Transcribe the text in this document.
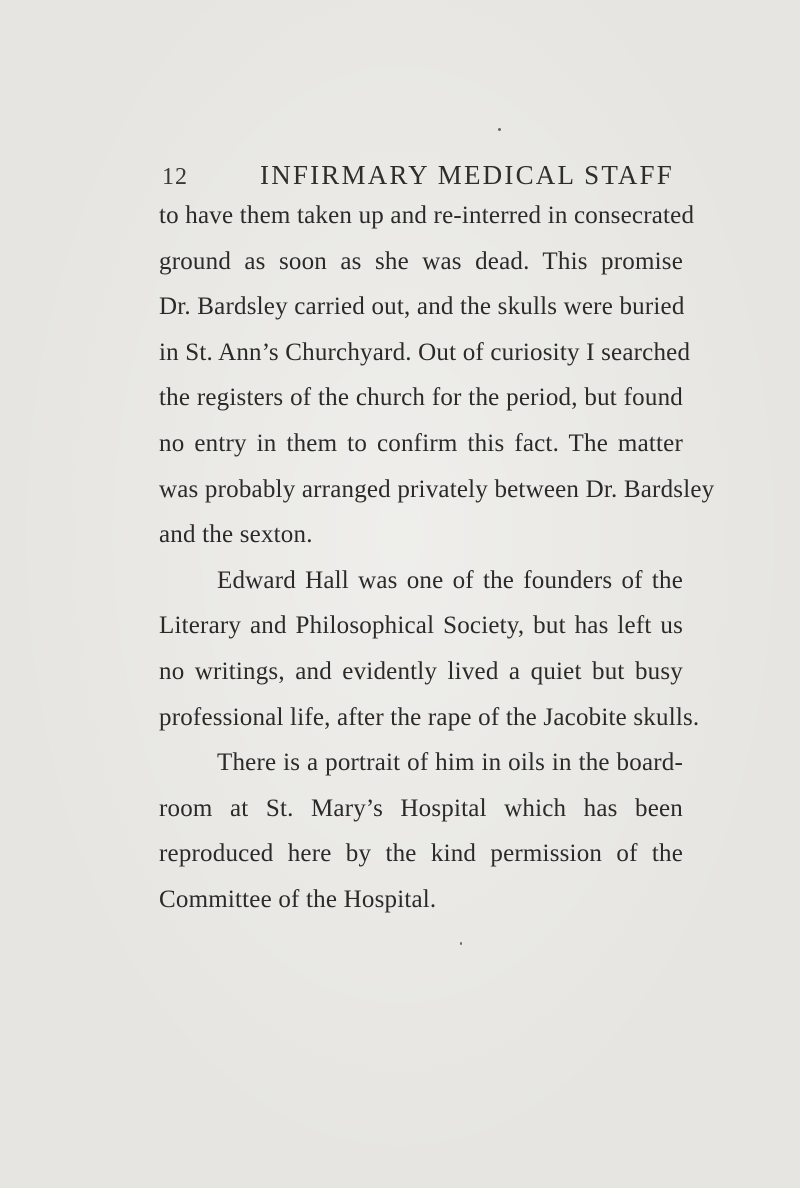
12	INFIRMARY MEDICAL STAFF
to have them taken up and re-interred in consecrated
ground as soon as she was dead. This promise
Dr. Bardsley carried out, and the skulls were buried
in St. Ann’s Churchyard. Out of curiosity I searched
the registers of the church for the period, but found
no entry in them to confirm this fact. The matter
was probably arranged privately between Dr. Bardsley
and the sexton.
Edward Hall was one of the founders of the
Literary and Philosophical Society, but has left us
no writings, and evidently lived a quiet but busy
professional life, after the rape of the Jacobite skulls.
There is a portrait of him in oils in the board-
room at St. Mary’s Hospital which has been
reproduced here by the kind permission of the
Committee of the Hospital.
